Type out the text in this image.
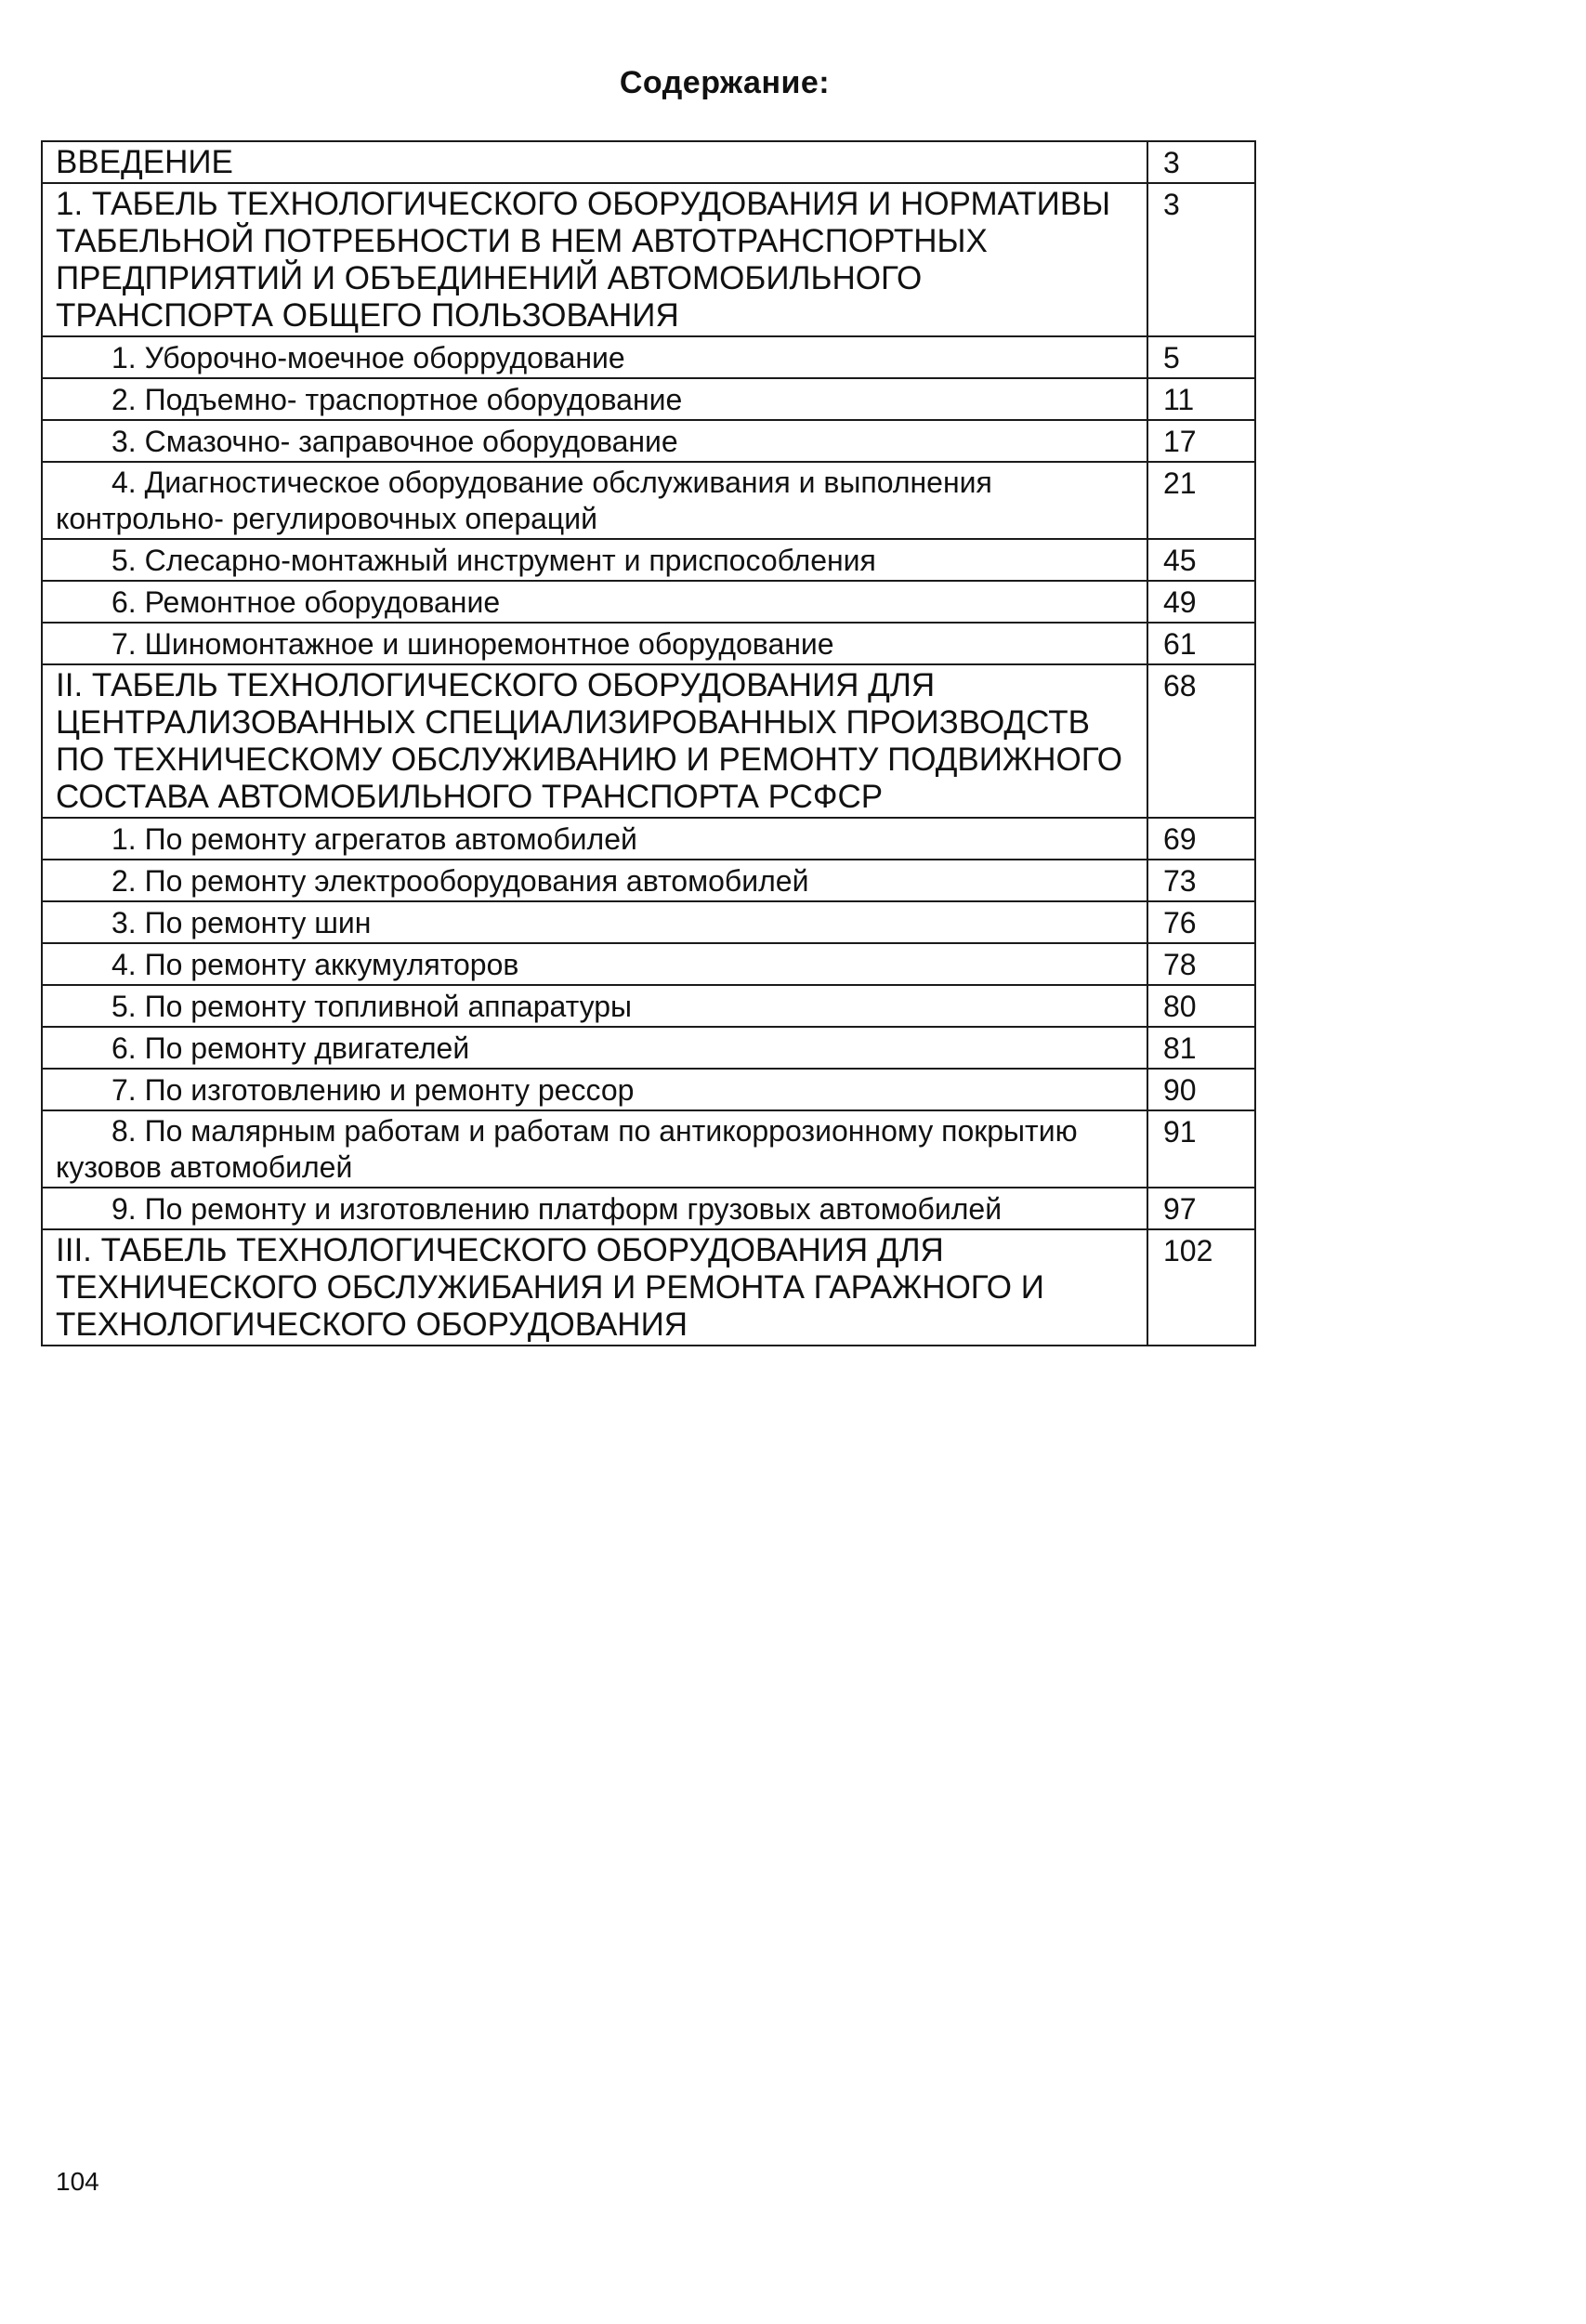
Содержание:
ВВЕДЕНИЕ	3
1. ТАБЕЛЬ ТЕХНОЛОГИЧЕСКОГО ОБОРУДОВАНИЯ И НОРМАТИВЫ ТАБЕЛЬНОЙ ПОТРЕБНОСТИ В НЕМ АВТОТРАНСПОРТНЫХ ПРЕДПРИЯТИЙ И ОБЪЕДИНЕНИЙ АВТОМОБИЛЬНОГО ТРАНСПОРТА ОБЩЕГО ПОЛЬЗОВАНИЯ	3

1. Уборочно-моечное оборрудование	5

2. Подъемно- траспортное оборудование	11

3. Смазочно- заправочное оборудование	17

4. Диагностическое оборудование обслуживания и выполнения контрольно- регулировочных операций	21

5. Слесарно-монтажный инструмент и приспособления	45

6. Ремонтное оборудование	49

7. Шиномонтажное и шиноремонтное оборудование	61
II. ТАБЕЛЬ ТЕХНОЛОГИЧЕСКОГО ОБОРУДОВАНИЯ ДЛЯ ЦЕНТРАЛИЗОВАННЫХ СПЕЦИАЛИЗИРОВАННЫХ ПРОИЗВОДСТВ ПО ТЕХНИЧЕСКОМУ ОБСЛУЖИВАНИЮ И РЕМОНТУ ПОДВИЖНОГО СОСТАВА АВТОМОБИЛЬНОГО ТРАНСПОРТА РСФСР	68

1. По ремонту агрегатов автомобилей	69

2. По ремонту электрооборудования автомобилей	73

3. По ремонту шин	76

4. По ремонту аккумуляторов	78

5. По ремонту топливной аппаратуры	80

6. По ремонту двигателей	81

7. По изготовлению и ремонту рессор	90

8. По малярным работам и работам по антикоррозионному покрытию кузовов автомобилей	91

9. По ремонту и изготовлению платформ грузовых автомобилей	97
III. ТАБЕЛЬ ТЕХНОЛОГИЧЕСКОГО ОБОРУДОВАНИЯ ДЛЯ ТЕХНИЧЕСКОГО ОБСЛУЖИБАНИЯ И РЕМОНТА ГАРАЖНОГО И ТЕХНОЛОГИЧЕСКОГО ОБОРУДОВАНИЯ	102
104
